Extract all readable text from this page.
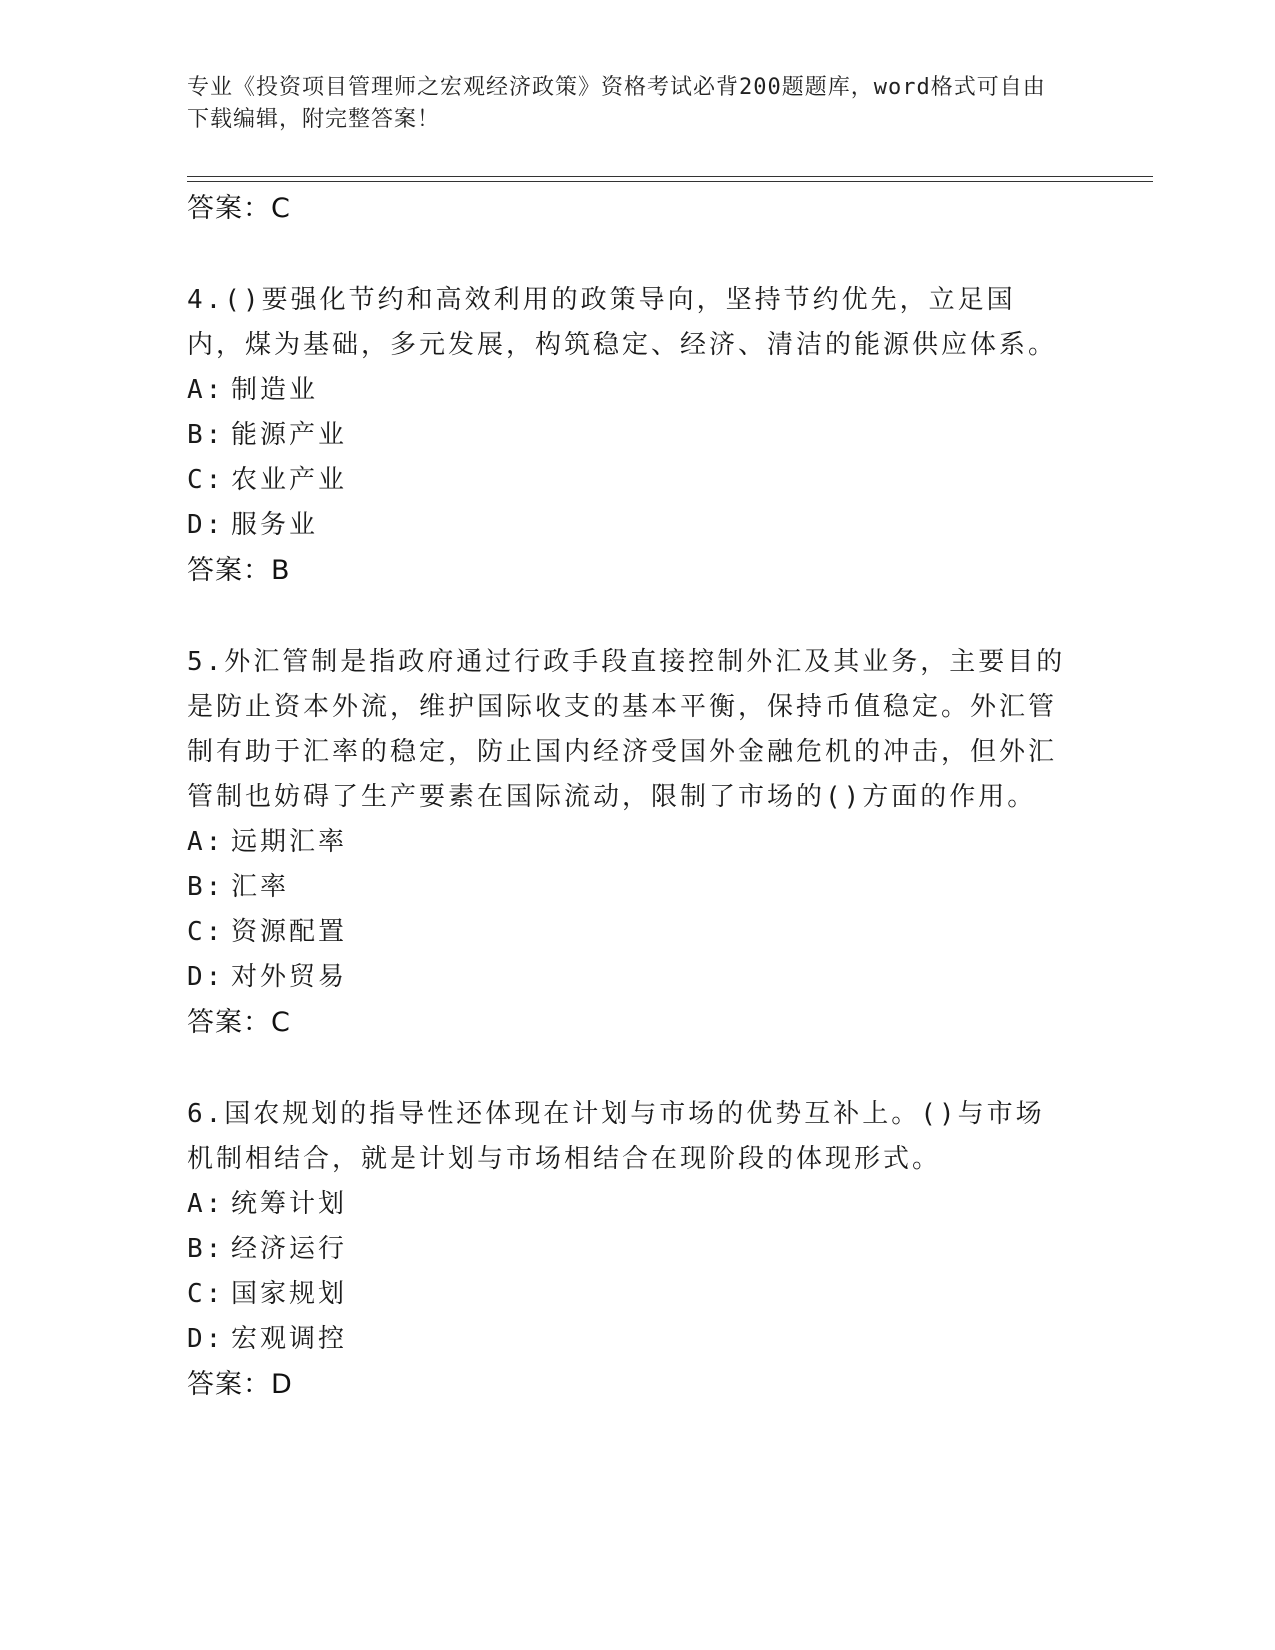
专业《投资项目管理师之宏观经济政策》资格考试必背200题题库，word格式可自由下载编辑，附完整答案！
答案：C
4.()要强化节约和高效利用的政策导向，坚持节约优先，立足国内，煤为基础，多元发展，构筑稳定、经济、清洁的能源供应体系。
A: 制造业
B: 能源产业
C: 农业产业
D: 服务业
答案：B
5.外汇管制是指政府通过行政手段直接控制外汇及其业务，主要目的是防止资本外流，维护国际收支的基本平衡，保持币值稳定。外汇管制有助于汇率的稳定，防止国内经济受国外金融危机的冲击，但外汇管制也妨碍了生产要素在国际流动，限制了市场的()方面的作用。
A: 远期汇率
B: 汇率
C: 资源配置
D: 对外贸易
答案：C
6.国农规划的指导性还体现在计划与市场的优势互补上。()与市场机制相结合，就是计划与市场相结合在现阶段的体现形式。
A: 统筹计划
B: 经济运行
C: 国家规划
D: 宏观调控
答案：D
